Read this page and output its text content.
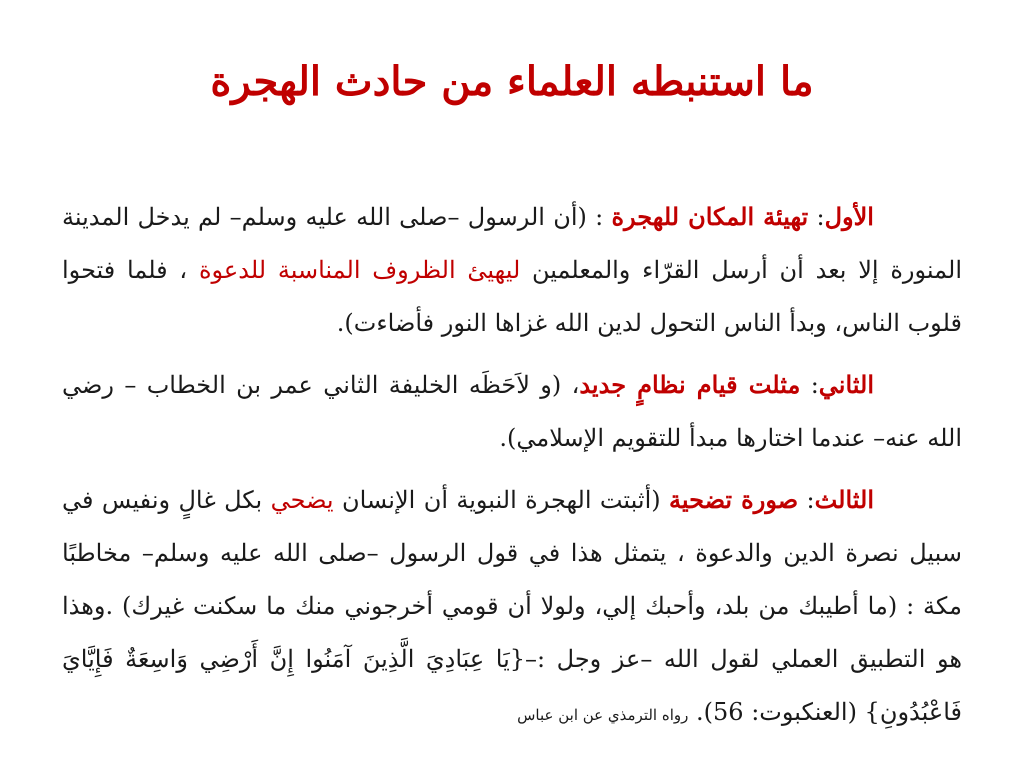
ما استنبطه العلماء من حادث الهجرة

الأول: تهيئة المكان للهجرة : (أن الرسول –صلى الله عليه وسلم– لم يدخل المدينة المنورة إلا بعد أن أرسل القرّاء والمعلمين ليهيئ الظروف المناسبة للدعوة ، فلما فتحوا قلوب الناس، وبدأ الناس التحول لدين الله غزاها النور فأضاءت).

الثاني: مثلت قيام نظامٍ جديد، (و لاَحَظَه الخليفة الثاني عمر بن الخطاب – رضي الله عنه– عندما اختارها مبدأ للتقويم الإسلامي).

الثالث: صورة تضحية (أثبتت الهجرة النبوية أن الإنسان يضحي بكل غالٍ ونفيس في سبيل نصرة الدين والدعوة ، يتمثل هذا في قول الرسول –صلى الله عليه وسلم– مخاطبًا مكة : (ما أطيبك من بلد، وأحبك إلي، ولولا أن قومي أخرجوني منك ما سكنت غيرك) .وهذا هو التطبيق العملي لقول الله –عز وجل :–{يَا عِبَادِيَ الَّذِينَ آمَنُوا إِنَّ أَرْضِي وَاسِعَةٌ فَإِيَّايَ فَاعْبُدُونِ} (العنكبوت: 56). رواه الترمذي عن ابن عباس
